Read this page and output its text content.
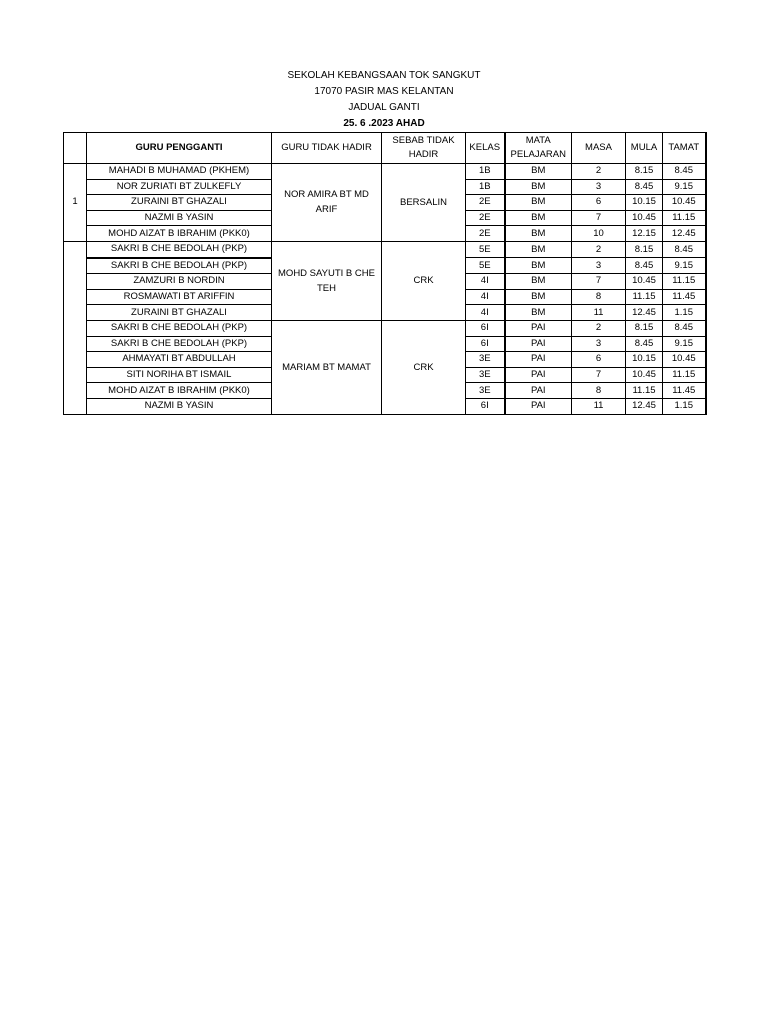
SEKOLAH KEBANGSAAN TOK SANGKUT
17070 PASIR MAS KELANTAN
JADUAL GANTI
25. 6 .2023 AHAD
	GURU PENGGANTI	GURU TIDAK HADIR	SEBAB TIDAK HADIR	KELAS	MATA PELAJARAN	MASA	MULA	TAMAT
1	MAHADI B MUHAMAD (PKHEM)	NOR AMIRA BT MD ARIF	BERSALIN	1B	BM	2	8.15	8.45
	NOR ZURIATI BT ZULKEFLY			1B	BM	3	8.45	9.15
	ZURAINI BT GHAZALI			2E	BM	6	10.15	10.45
	NAZMI B YASIN			2E	BM	7	10.45	11.15
	MOHD AIZAT B IBRAHIM (PKK0)			2E	BM	10	12.15	12.45
	SAKRI B CHE BEDOLAH (PKP)	MOHD SAYUTI B CHE TEH	CRK	5E	BM	2	8.15	8.45
	SAKRI B CHE BEDOLAH (PKP)			5E	BM	3	8.45	9.15
	ZAMZURI B NORDIN			4I	BM	7	10.45	11.15
	ROSMAWATI BT ARIFFIN			4I	BM	8	11.15	11.45
	ZURAINI BT GHAZALI			4I	BM	11	12.45	1.15
	SAKRI B CHE BEDOLAH (PKP)	MARIAM BT MAMAT	CRK	6I	PAI	2	8.15	8.45
	SAKRI B CHE BEDOLAH (PKP)			6I	PAI	3	8.45	9.15
	AHMAYATI BT ABDULLAH			3E	PAI	6	10.15	10.45
	SITI NORIHA BT ISMAIL			3E	PAI	7	10.45	11.15
	MOHD AIZAT B IBRAHIM (PKK0)			3E	PAI	8	11.15	11.45
	NAZMI B YASIN			6I	PAI	11	12.45	1.15
